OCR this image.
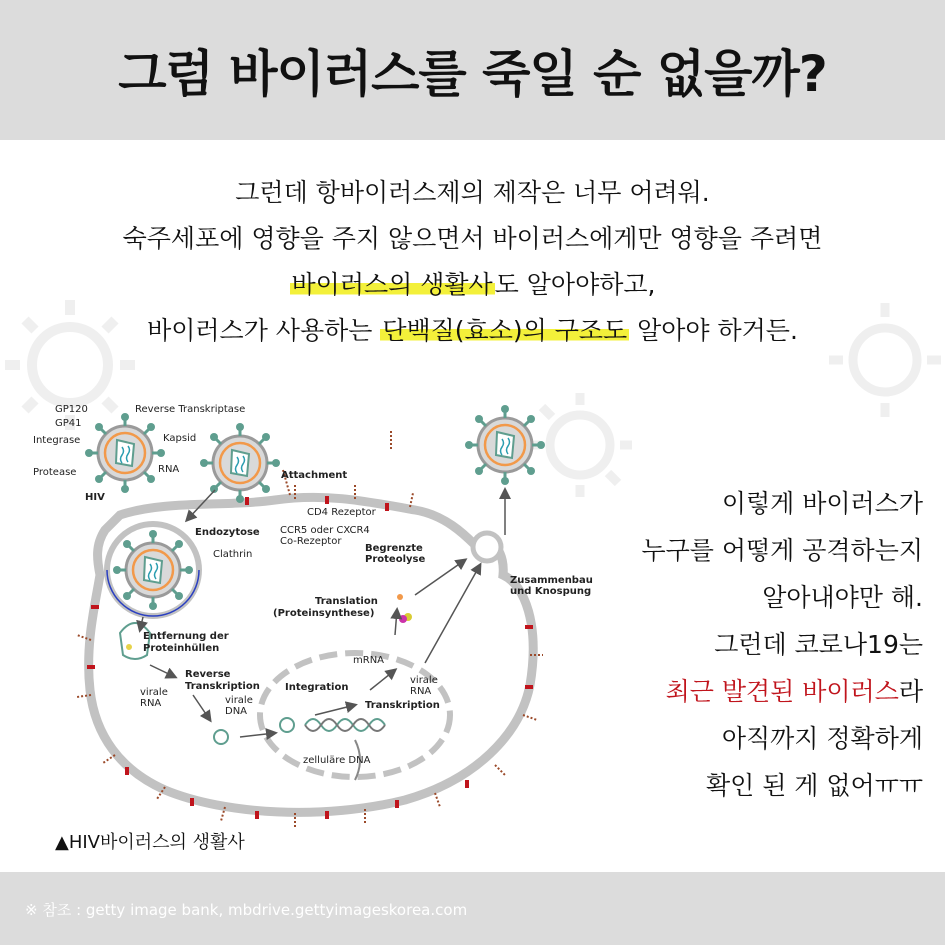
그럼 바이러스를 죽일 순 없을까?
그런데 항바이러스제의 제작은 너무 어려워.
숙주세포에 영향을 주지 않으면서 바이러스에게만 영향을 주려면
바이러스의 생활사도 알아야하고,
바이러스가 사용하는 단백질(효소)의 구조도 알아야 하거든.
GP120
GP41
Integrase
Protease
Reverse Transkriptase
Kapsid
RNA
HIV
Attachment
CD4 Rezeptor
CCR5 oder CXCR4
Co-Rezeptor
Endozytose
Clathrin
Entfernung der
Proteinhüllen
Reverse
Transkription
virale
RNA	virale
DNA
Integration
zelluläre DNA
mRNA
virale
RNA
Transkription
Translation
(Proteinsynthese)
Begrenzte
Proteolyse
Zusammenbau
und Knospung
▲HIV바이러스의 생활사
이렇게 바이러스가
누구를 어떻게 공격하는지
알아내야만 해.
그런데 코로나19는
최근 발견된 바이러스라
아직까지 정확하게
확인 된 게 없어ㅠㅠ
※ 참조 : getty image bank, mbdrive.gettyimageskorea.com
